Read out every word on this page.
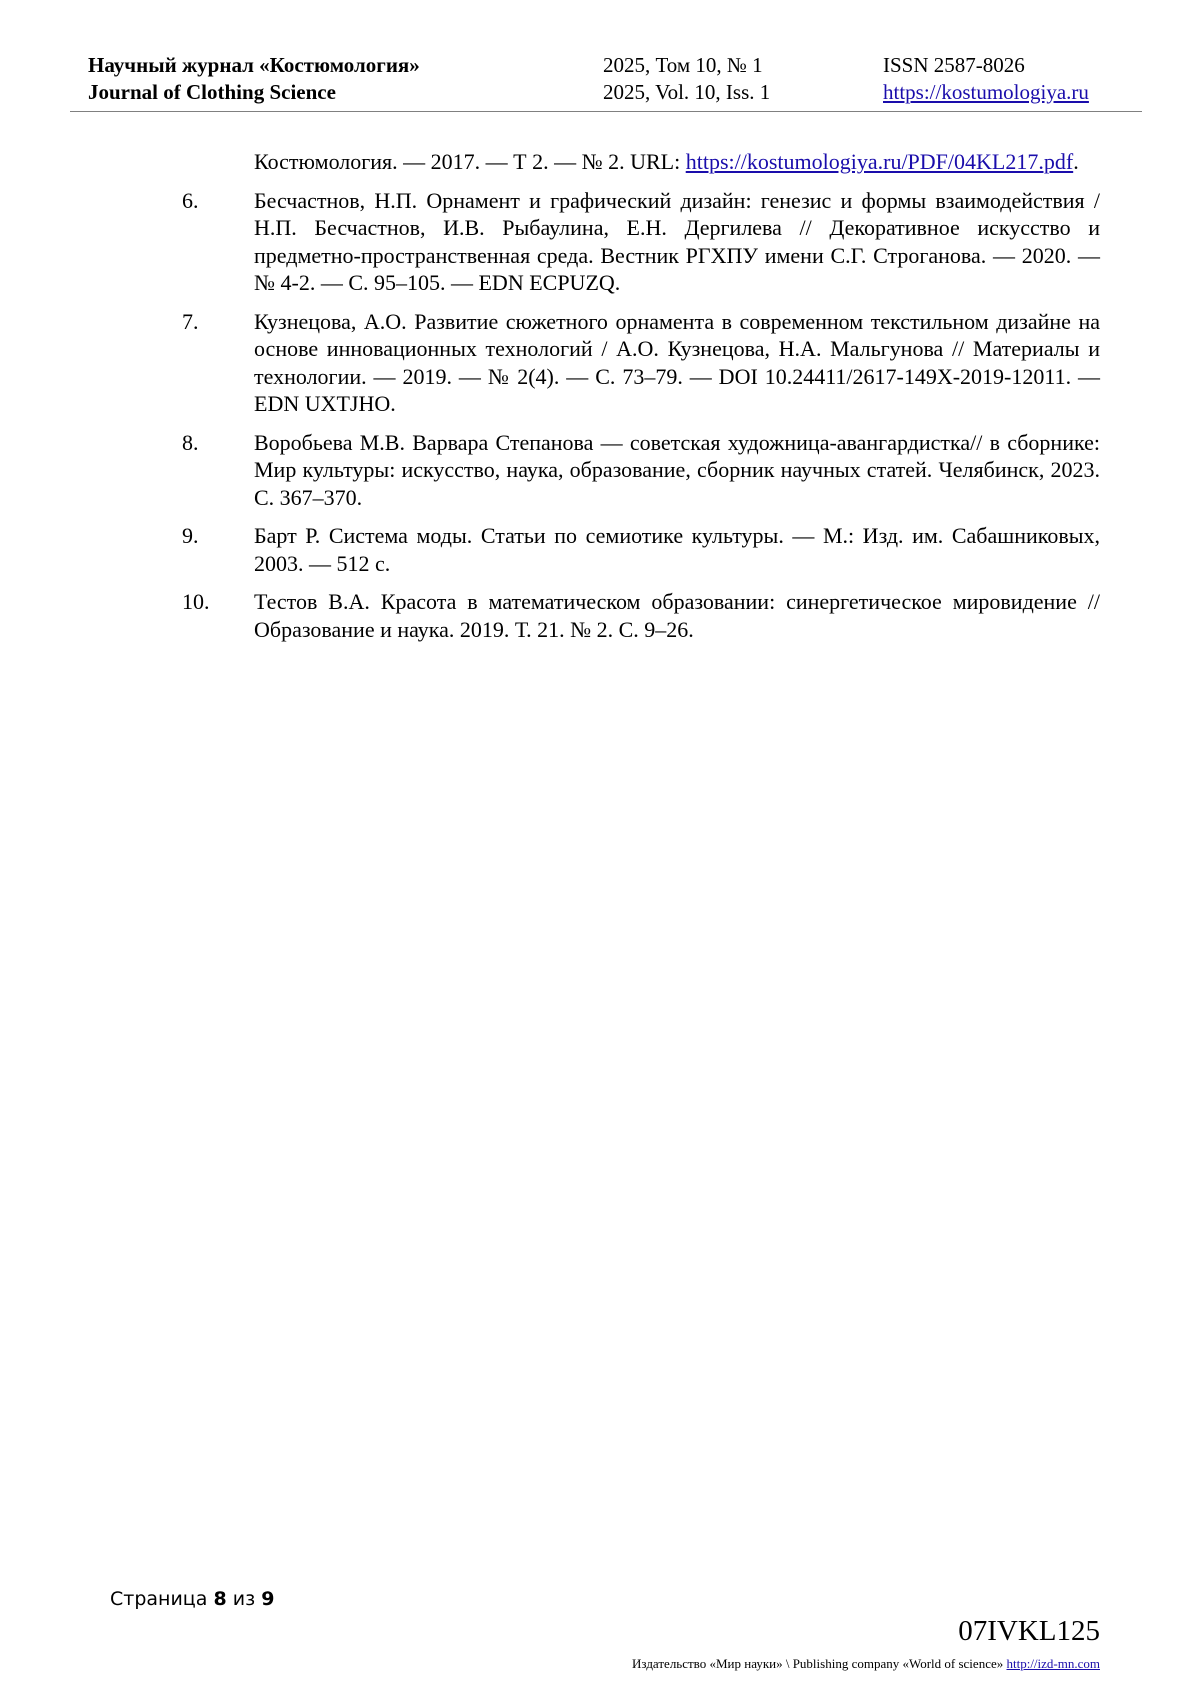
Научный журнал «Костюмология»
Journal of Clothing Science
2025, Том 10, № 1
2025, Vol. 10, Iss. 1
ISSN 2587-8026
https://kostumologiya.ru
Костюмология. — 2017. — Т 2. — № 2. URL: https://kostumologiya.ru/PDF/04KL217.pdf.
6.	Бесчастнов, Н.П. Орнамент и графический дизайн: генезис и формы взаимодействия / Н.П. Бесчастнов, И.В. Рыбаулина, Е.Н. Дергилева // Декоративное искусство и предметно-пространственная среда. Вестник РГХПУ имени С.Г. Строганова. — 2020. — № 4-2. — С. 95–105. — EDN ECPUZQ.
7.	Кузнецова, А.О. Развитие сюжетного орнамента в современном текстильном дизайне на основе инновационных технологий / А.О. Кузнецова, Н.А. Мальгунова // Материалы и технологии. — 2019. — № 2(4). — С. 73–79. — DOI 10.24411/2617-149X-2019-12011. — EDN UXTJHO.
8.	Воробьева М.В. Варвара Степанова — советская художница-авангардистка// в сборнике: Мир культуры: искусство, наука, образование, сборник научных статей. Челябинск, 2023. С. 367–370.
9.	Барт Р. Система моды. Статьи по семиотике культуры. — М.: Изд. им. Сабашниковых, 2003. — 512 с.
10. Тестов В.А. Красота в математическом образовании: синергетическое мировидение // Образование и наука. 2019. Т. 21. № 2. С. 9–26.
Страница 8 из 9
07IVKL125
Издательство «Мир науки» \ Publishing company «World of science» http://izd-mn.com
